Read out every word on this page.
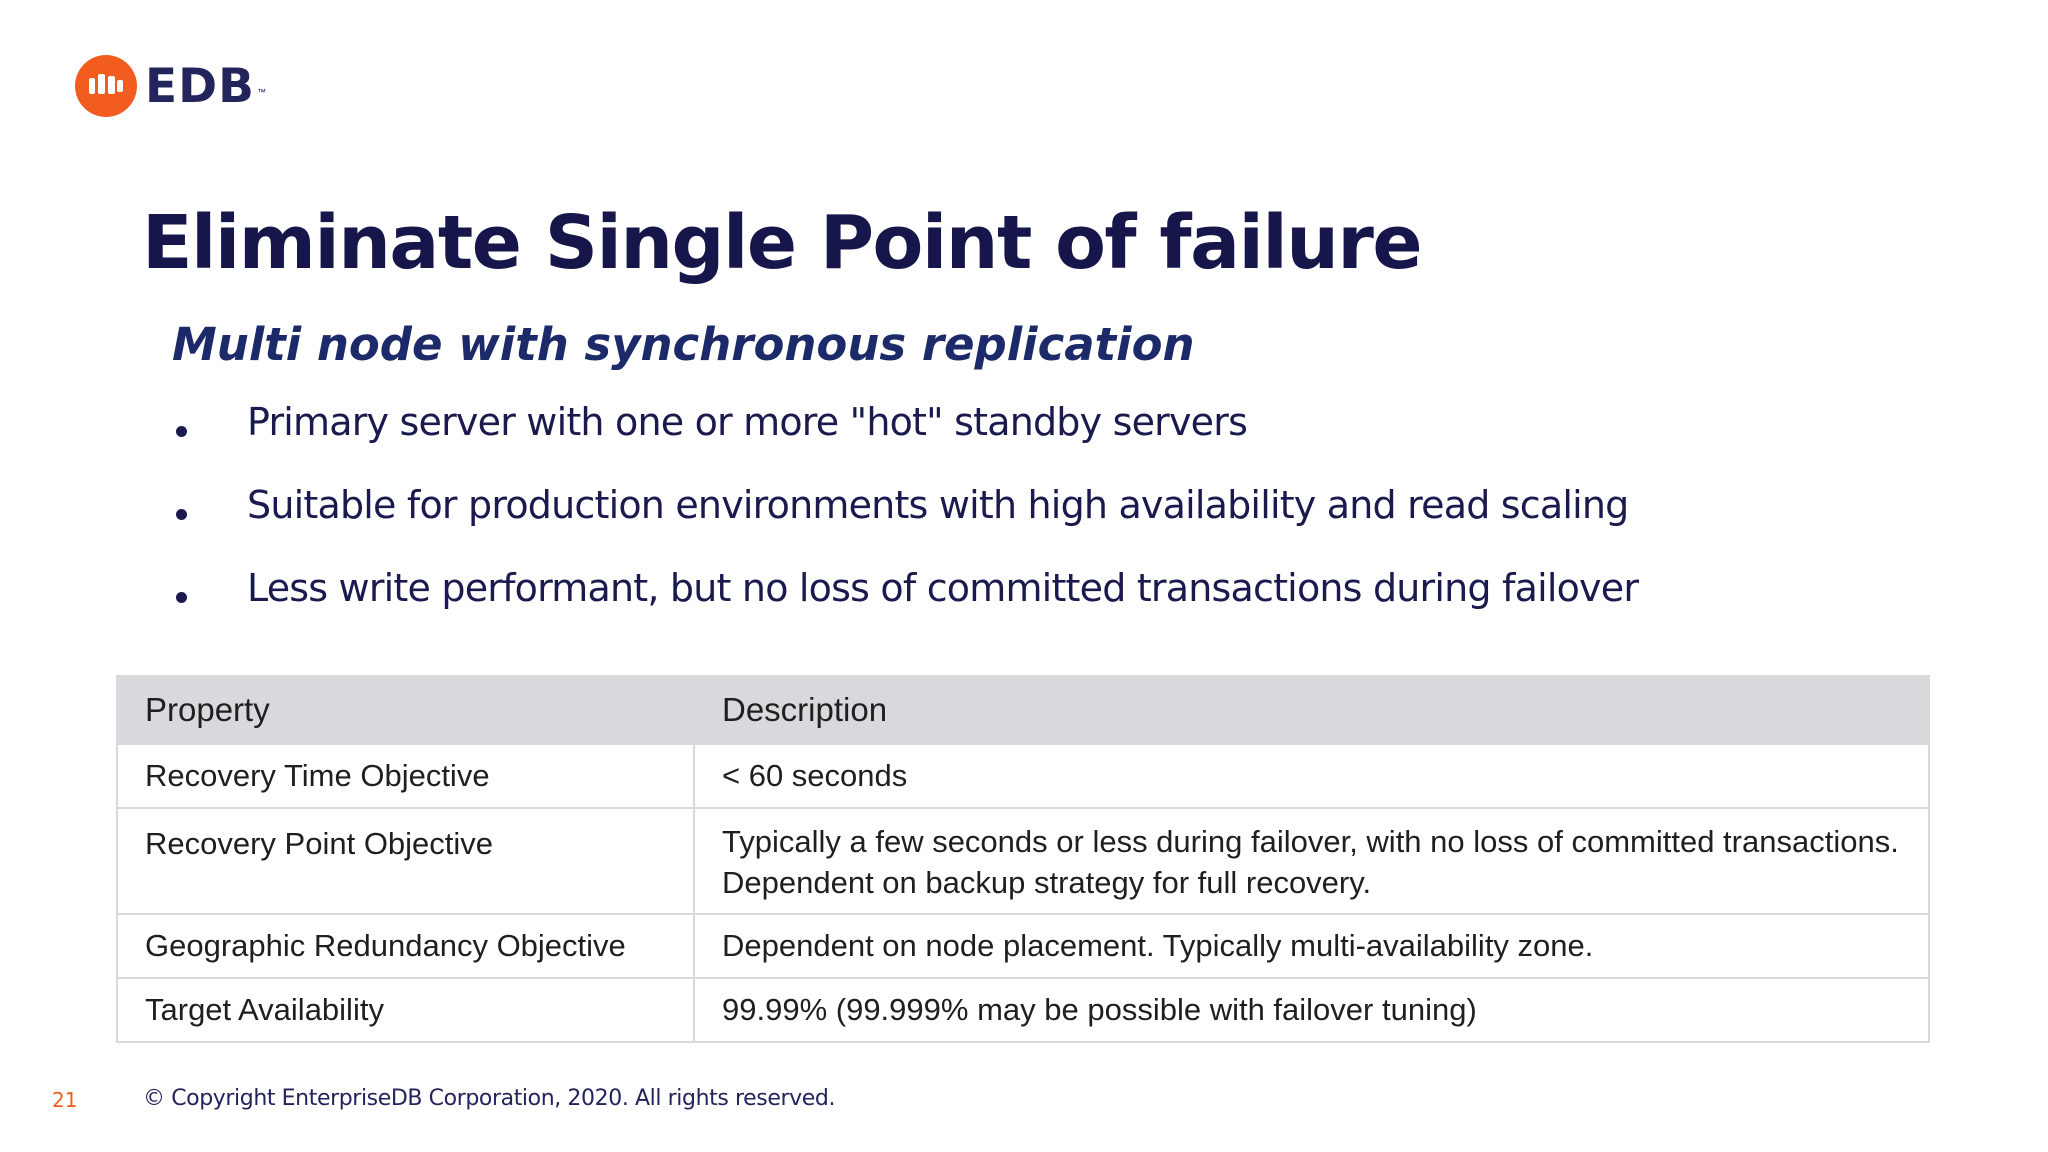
EDB ™
Eliminate Single Point of failure
Multi node with synchronous replication
Primary server with one or more "hot" standby servers
Suitable for production environments with high availability and read scaling
Less write performant, but no loss of committed transactions during failover
Property	Description
Recovery Time Objective	< 60 seconds
Recovery Point Objective	Typically a few seconds or less during failover, with no loss of committed transactions. Dependent on backup strategy for full recovery.
Geographic Redundancy Objective	Dependent on node placement. Typically multi-availability zone.
Target Availability	99.99% (99.999% may be possible with failover tuning)
21	© Copyright EnterpriseDB Corporation, 2020. All rights reserved.
